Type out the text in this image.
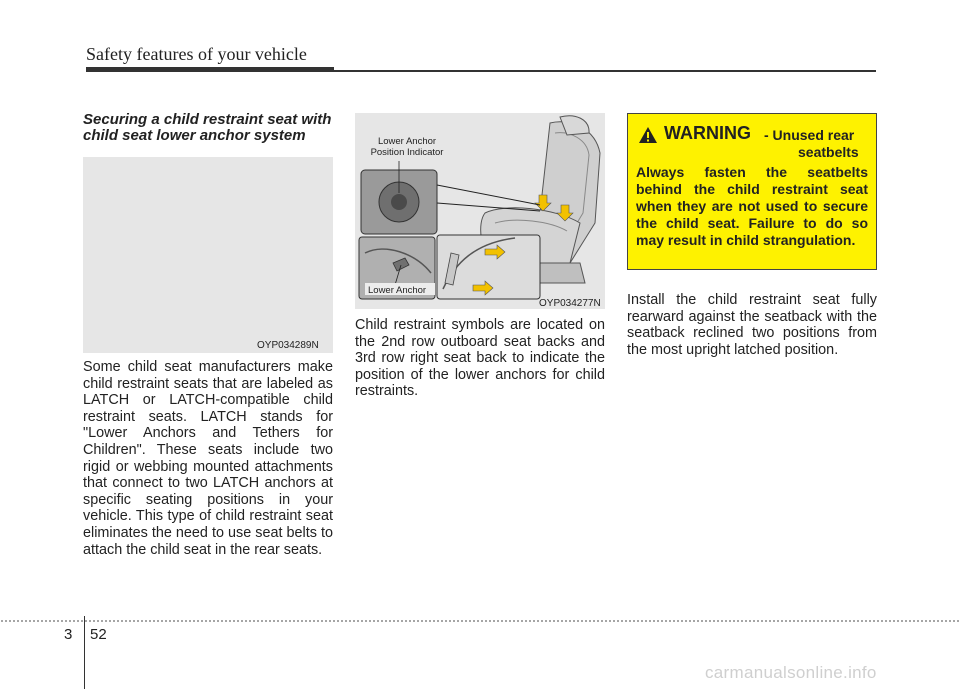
Safety features of your vehicle
Securing a child restraint seat with child seat lower anchor system
OYP034289N
Some child seat manufacturers make child restraint seats that are labeled as LATCH or LATCH-compatible child restraint seats. LATCH stands for "Lower Anchors and Tethers for Children". These seats include two rigid or webbing mounted attachments that connect to two LATCH anchors at specific seating positions in your vehicle. This type of child restraint seat eliminates the need to use seat belts to attach the child seat in the rear seats.
Lower Anchor
Position Indicator
Lower Anchor
OYP034277N
Child restraint symbols are located on the 2nd row outboard seat backs and 3rd row right seat back to indicate the position of the lower anchors for child restraints.
WARNING - Unused rear
seatbelts
Always fasten the seatbelts behind the child restraint seat when they are not used to secure the child seat. Failure to do so may result in child strangulation.
Install the child restraint seat fully rearward against the seatback with the seatback reclined two positions from the most upright latched position.
3 52
carmanualsonline.info
